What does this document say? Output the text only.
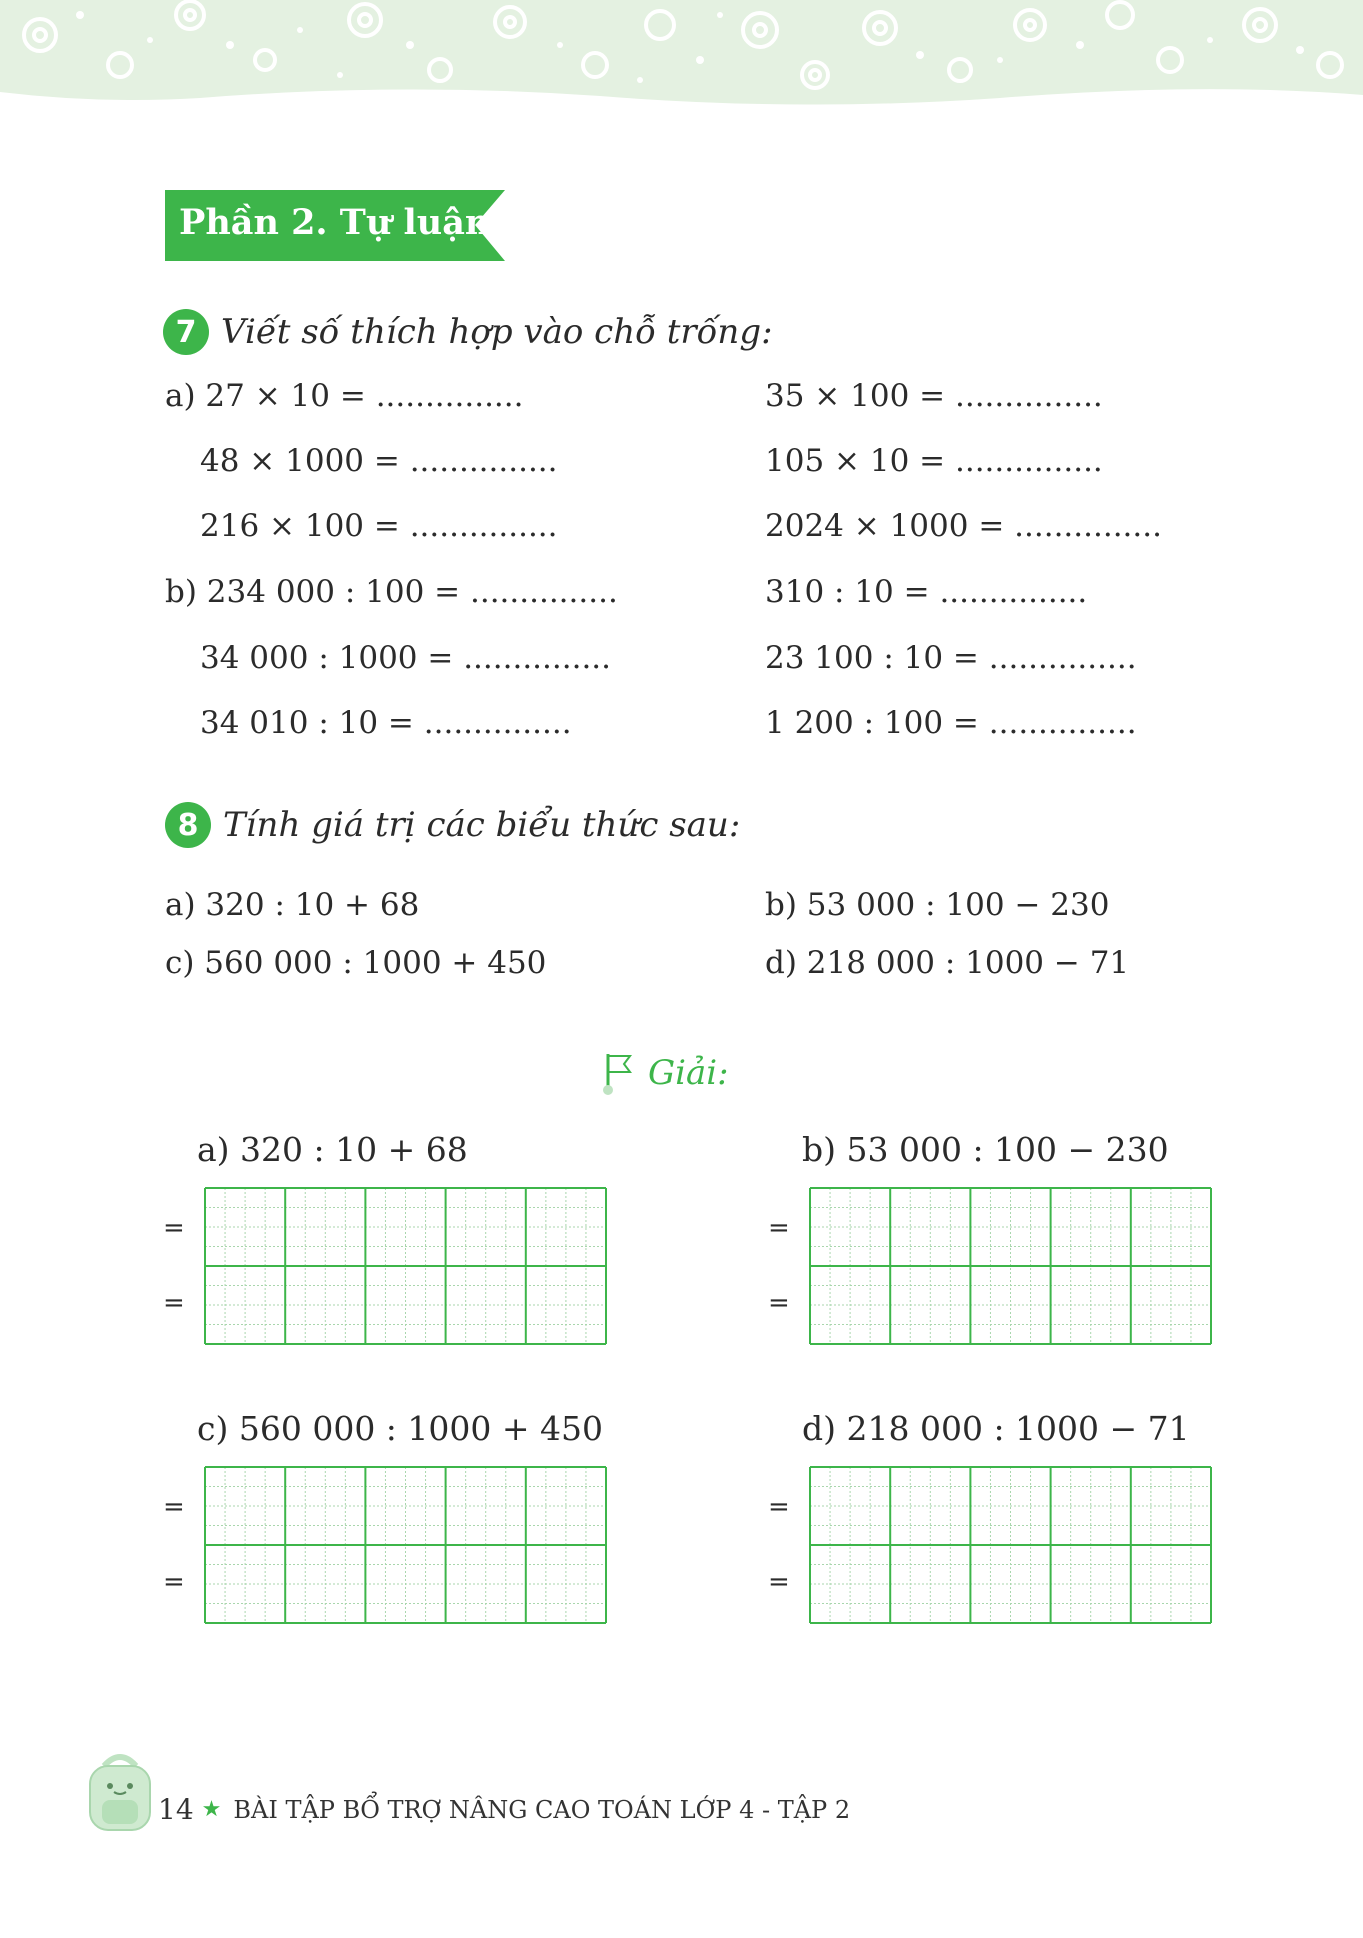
Phần 2. Tự luận
7 Viết số thích hợp vào chỗ trống:
a) 27 × 10 = ...............
48 × 1000 = ...............
216 × 100 = ...............
b) 234 000 : 100 = ...............
34 000 : 1000 = ...............
34 010 : 10 = ...............
35 × 100 = ...............
105 × 10 = ...............
2024 × 1000 = ...............
310 : 10 = ...............
23 100 : 10 = ...............
1 200 : 100 = ...............
8 Tính giá trị các biểu thức sau:
a) 320 : 10 + 68	b) 53 000 : 100 − 230
c) 560 000 : 1000 + 450	d) 218 000 : 1000 − 71
Giải:
a) 320 : 10 + 68
=
=
b) 53 000 : 100 − 230
=
=
c) 560 000 : 1000 + 450
=
=
d) 218 000 : 1000 − 71
=
=
14 ★ BÀI TẬP BỔ TRỢ NÂNG CAO TOÁN LỚP 4 - TẬP 2
